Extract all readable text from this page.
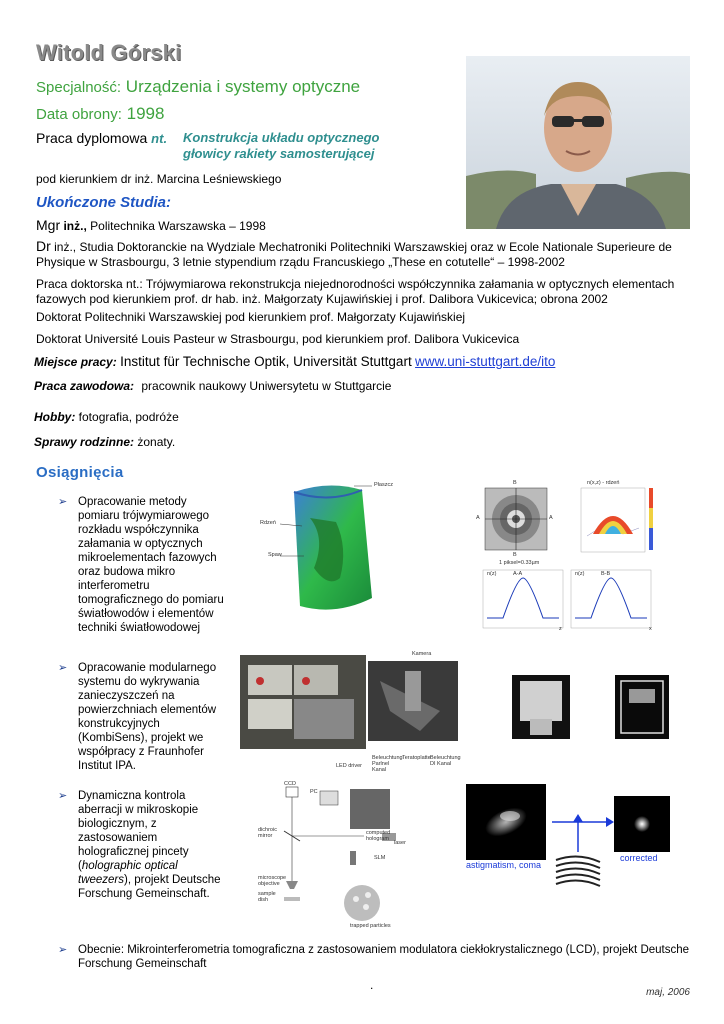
Witold Górski
Specjalność: Urządzenia i systemy optyczne
Data obrony: 1998
Praca dyplomowa nt. Konstrukcja układu optycznego głowicy rakiety samosterującej
pod kierunkiem dr inż. Marcina Leśniewskiego
Ukończone Studia:
Mgr inż., Politechnika Warszawska – 1998
Dr inż., Studia Doktoranckie na Wydziale Mechatroniki Politechniki Warszawskiej oraz w Ecole Nationale Superieure de Physique w Strasbourgu, 3 letnie stypendium rządu Francuskiego „These en cotutelle“ – 1998-2002
Praca doktorska nt.: Trójwymiarowa rekonstrukcja niejednorodności współczynnika załamania w optycznych elementach fazowych pod kierunkiem prof. dr hab. inż. Małgorzaty Kujawińskiej i prof. Dalibora Vukicevica; obrona 2002
Doktorat Politechniki Warszawskiej pod kierunkiem prof. Małgorzaty Kujawińskiej
Doktorat Université Louis Pasteur w Strasbourgu, pod kierunkiem prof. Dalibora Vukicevica
Miejsce pracy: Institut für Technische Optik, Universität Stuttgart www.uni-stuttgart.de/ito
Praca zawodowa: pracownik naukowy Uniwersytetu w Stuttgarcie
Hobby: fotografia, podróże
Sprawy rodzinne: żonaty.
Osiągnięcia
➢ Opracowanie metody pomiaru trójwymiarowego rozkładu współczynnika załamania w optycznych mikroelementach fazowych oraz budowa mikro interferometru tomograficznego do pomiaru światłowodów i elementów techniki światłowodowej
➢ Opracowanie modularnego systemu do wykrywania zanieczyszczeń na powierzchniach elementów konstrukcyjnych (KombiSens), projekt we współpracy z Fraunhofer Institut IPA.
➢ Dynamiczna kontrola aberracji w mikroskopie biologicznym, z zastosowaniem holograficznej pincety (holographic optical tweezers), projekt Deutsche Forschung Gemeinschaft.
➢ Obecnie: Mikrointerferometria tomograficzna z zastosowaniem modulatora ciekłokrystalicznego (LCD), projekt Deutsche Forschung Gemeinschaft
Płaszcz
Rdzeń
Spaw
B
A	A
B
1 piksel=0.33µm
n(x,z) - rdzeń
n(z)	A-A	n(z)	B-B
z	x
Kamera
LED driver
Beleuchtung Parlnel Kanal
Teratoplatte Beleuchtung DI Kanal
CCD
PC
computed hologram
dichroic mirror
laser
SLM
microscope objective
sample dish
trapped particles
astigmatism, coma
corrected
.
maj, 2006
